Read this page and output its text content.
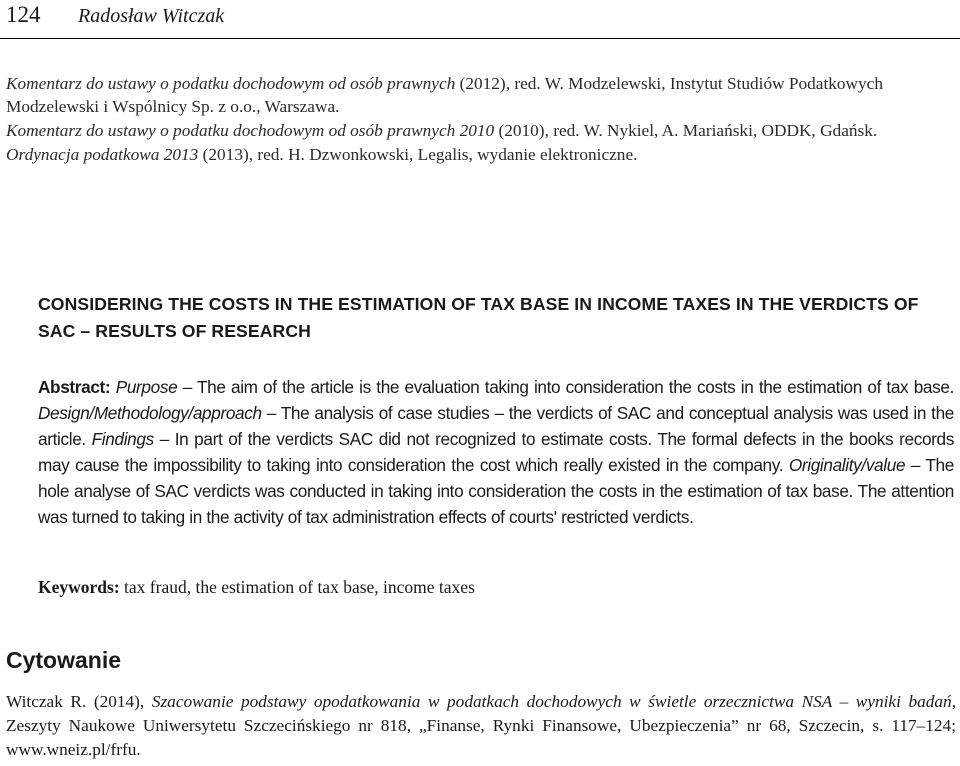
124	Radosław Witczak
Komentarz do ustawy o podatku dochodowym od osób prawnych (2012), red. W. Modzelewski, Instytut Studiów Podatkowych Modzelewski i Wspólnicy Sp. z o.o., Warszawa.
Komentarz do ustawy o podatku dochodowym od osób prawnych 2010 (2010), red. W. Nykiel, A. Mariański, ODDK, Gdańsk.
Ordynacja podatkowa 2013 (2013), red. H. Dzwonkowski, Legalis, wydanie elektroniczne.
CONSIDERING THE COSTS IN THE ESTIMATION OF TAX BASE IN INCOME TAXES IN THE VERDICTS OF SAC – RESULTS OF RESEARCH
Abstract: Purpose – The aim of the article is the evaluation taking into consideration the costs in the estimation of tax base. Design/Methodology/approach – The analysis of case studies – the verdicts of SAC and conceptual analysis was used in the article. Findings – In part of the verdicts SAC did not recognized to estimate costs. The formal defects in the books records may cause the impossibility to taking into consideration the cost which really existed in the company. Originality/value – The hole analyse of SAC verdicts was conducted in taking into consideration the costs in the estimation of tax base. The attention was turned to taking in the activity of tax administration effects of courts' restricted verdicts.
Keywords: tax fraud, the estimation of tax base, income taxes
Cytowanie
Witczak R. (2014), Szacowanie podstawy opodatkowania w podatkach dochodowych w świetle orzecznictwa NSA – wyniki badań, Zeszyty Naukowe Uniwersytetu Szczecińskiego nr 818, „Finanse, Rynki Finansowe, Ubezpieczenia” nr 68, Szczecin, s. 117–124; www.wneiz.pl/frfu.
